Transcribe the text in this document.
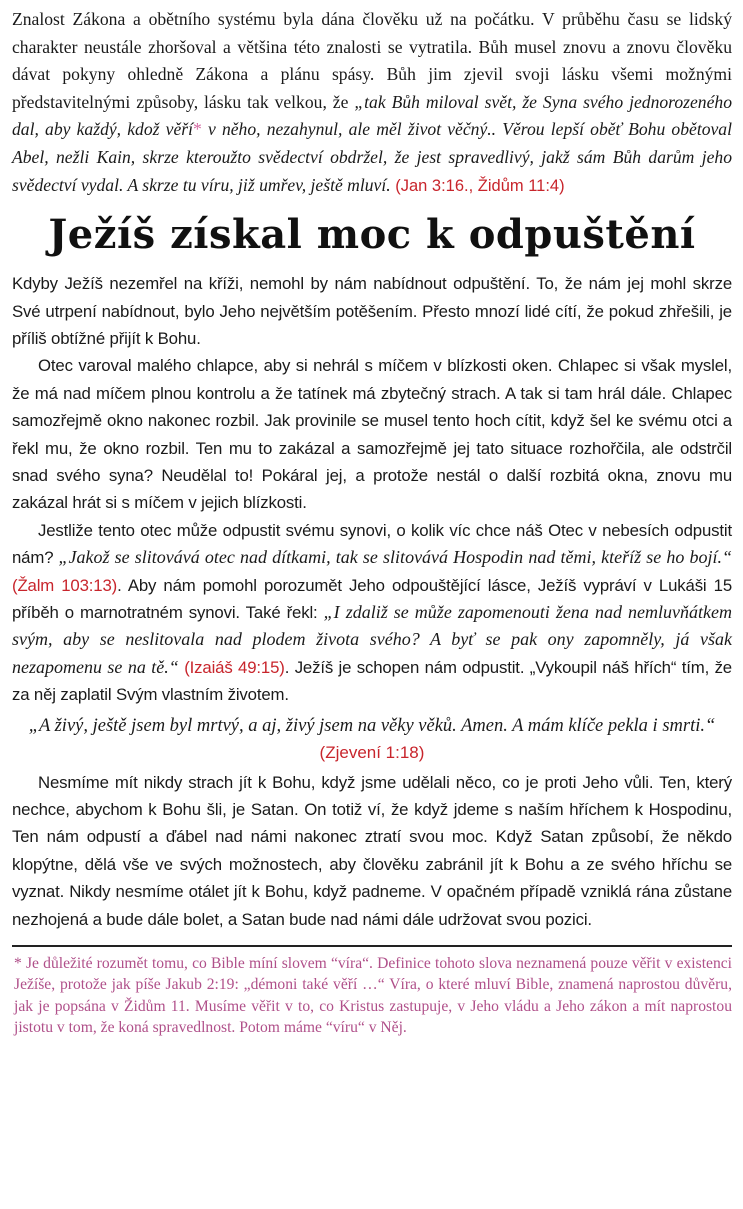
Znalost Zákona a obětního systému byla dána člověku už na počátku. V průběhu času se lidský charakter neustále zhoršoval a většina této znalosti se vytratila. Bůh musel znovu a znovu člověku dávat pokyny ohledně Zákona a plánu spásy. Bůh jim zjevil svoji lásku všemi možnými představitelnými způsoby, lásku tak velkou, že „tak Bůh miloval svět, že Syna svého jednorozeného dal, aby každý, kdož věří* v něho, nezahynul, ale měl život věčný.. Věrou lepší oběť Bohu obětoval Abel, nežli Kain, skrze kteroužto svědectví obdržel, že jest spravedlivý, jakž sám Bůh darům jeho svědectví vydal. A skrze tu víru, již umřev, ještě mluví. (Jan 3:16., Židům 11:4)

Ježíš získal moc k odpuštění

Kdyby Ježíš nezemřel na kříži, nemohl by nám nabídnout odpuštění. To, že nám jej mohl skrze Své utrpení nabídnout, bylo Jeho největším potěšením. Přesto mnozí lidé cítí, že pokud zhřešili, je příliš obtížné přijít k Bohu.

Otec varoval malého chlapce, aby si nehrál s míčem v blízkosti oken. Chlapec si však myslel, že má nad míčem plnou kontrolu a že tatínek má zbytečný strach. A tak si tam hrál dále. Chlapec samozřejmě okno nakonec rozbil. Jak provinile se musel tento hoch cítit, když šel ke svému otci a řekl mu, že okno rozbil. Ten mu to zakázal a samozřejmě jej tato situace rozhořčila, ale odstrčil snad svého syna? Neudělal to! Pokáral jej, a protože nestál o další rozbitá okna, znovu mu zakázal hrát si s míčem v jejich blízkosti.

Jestliže tento otec může odpustit svému synovi, o kolik víc chce náš Otec v nebesích odpustit nám? „Jakož se slitovává otec nad dítkami, tak se slitovává Hospodin nad těmi, kteříž se ho bojí.“ (Žalm 103:13). Aby nám pomohl porozumět Jeho odpouštějící lásce, Ježíš vypráví v Lukáši 15 příběh o marnotratném synovi. Také řekl: „I zdaliž se může zapomenouti žena nad nemluvňátkem svým, aby se neslitovala nad plodem života svého? A byť se pak ony zapomněly, já však nezapomenu se na tě.“ (Izaiáš 49:15). Ježíš je schopen nám odpustit. „Vykoupil náš hřích“ tím, že za něj zaplatil Svým vlastním životem.

„A živý, ještě jsem byl mrtvý, a aj, živý jsem na věky věků. Amen. A mám klíče pekla i smrti.“

(Zjevení 1:18)

Nesmíme mít nikdy strach jít k Bohu, když jsme udělali něco, co je proti Jeho vůli. Ten, který nechce, abychom k Bohu šli, je Satan. On totiž ví, že když jdeme s naším hříchem k Hospodinu, Ten nám odpustí a ďábel nad námi nakonec ztratí svou moc. Když Satan způsobí, že někdo klopýtne, dělá vše ve svých možnostech, aby člověku zabránil jít k Bohu a ze svého hříchu se vyznat. Nikdy nesmíme otálet jít k Bohu, když padneme. V opačném případě vzniklá rána zůstane nezhojená a bude dále bolet, a Satan bude nad námi dále udržovat svou pozici.

* Je důležité rozumět tomu, co Bible míní slovem “víra“. Definice tohoto slova neznamená pouze věřit v existenci Ježíše, protože jak píše Jakub 2:19: „démoni také věří …“ Víra, o které mluví Bible, znamená naprostou důvěru, jak je popsána v Židům 11. Musíme věřit v to, co Kristus zastupuje, v Jeho vládu a Jeho zákon a mít naprostou jistotu v tom, že koná spravedlnost. Potom máme “víru“ v Něj.
